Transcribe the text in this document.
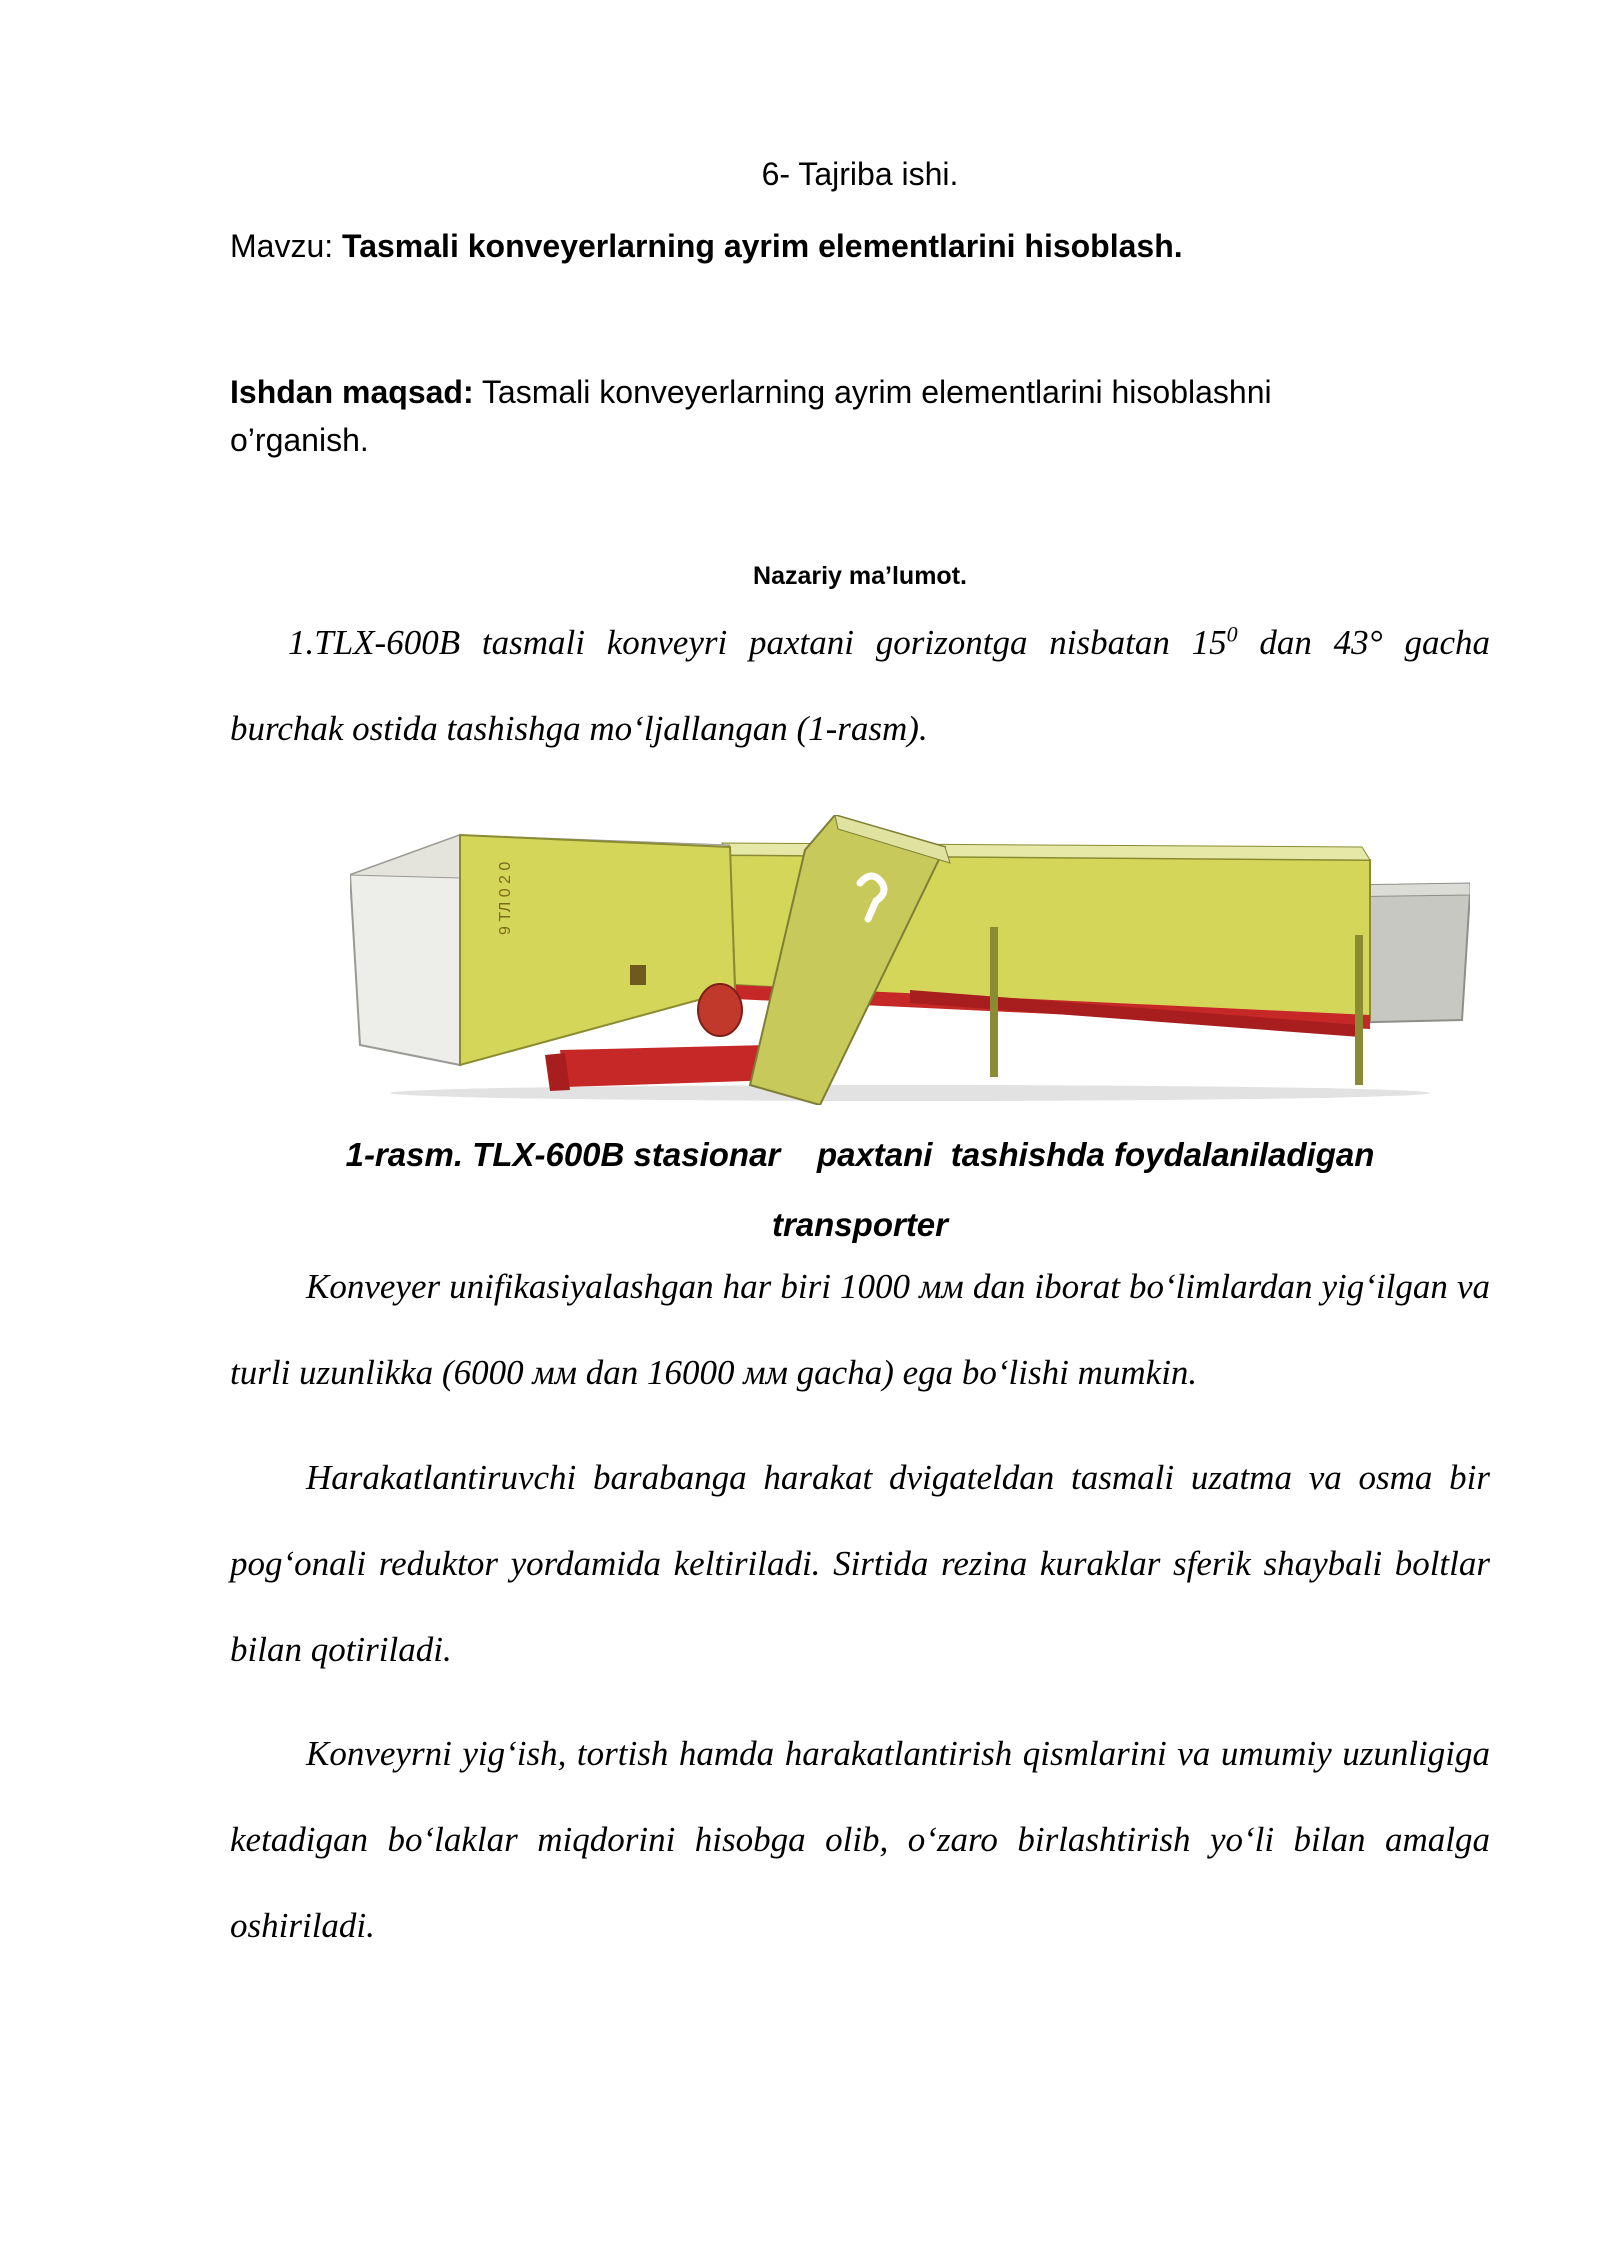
6- Tajriba ishi.
Mavzu: Tasmali konveyerlarning ayrim elementlarini hisoblash.
Ishdan maqsad: Tasmali konveyerlarning ayrim elementlarini hisoblashni o’rganish.
Nazariy ma’lumot.

1.TLX-600B tasmali konveyri paxtani gorizontga nisbatan $15^0$ dan 43° gacha burchak ostida tashishga mo‘ljallangan (1-rasm).

9 ТЛ 0 2 0
1-rasm. TLX-600B stasionar    paxtani  tashishda foydalaniladigan
transporter

Konveyer unifikasiyalashgan har biri 1000 мм dan iborat bo‘limlardan yig‘ilgan va turli uzunlikka (6000 мм dan 16000 мм gacha) ega bo‘lishi mumkin.

Harakatlantiruvchi barabanga harakat dvigateldan tasmali uzatma va osma bir pog‘onali reduktor yordamida keltiriladi. Sirtida rezina kuraklar sferik shaybali boltlar bilan qotiriladi.

Konveyrni yig‘ish, tortish hamda harakatlantirish qismlarini va umumiy uzunligiga ketadigan bo‘laklar miqdorini hisobga olib, o‘zaro birlashtirish yo‘li bilan amalga oshiriladi.
